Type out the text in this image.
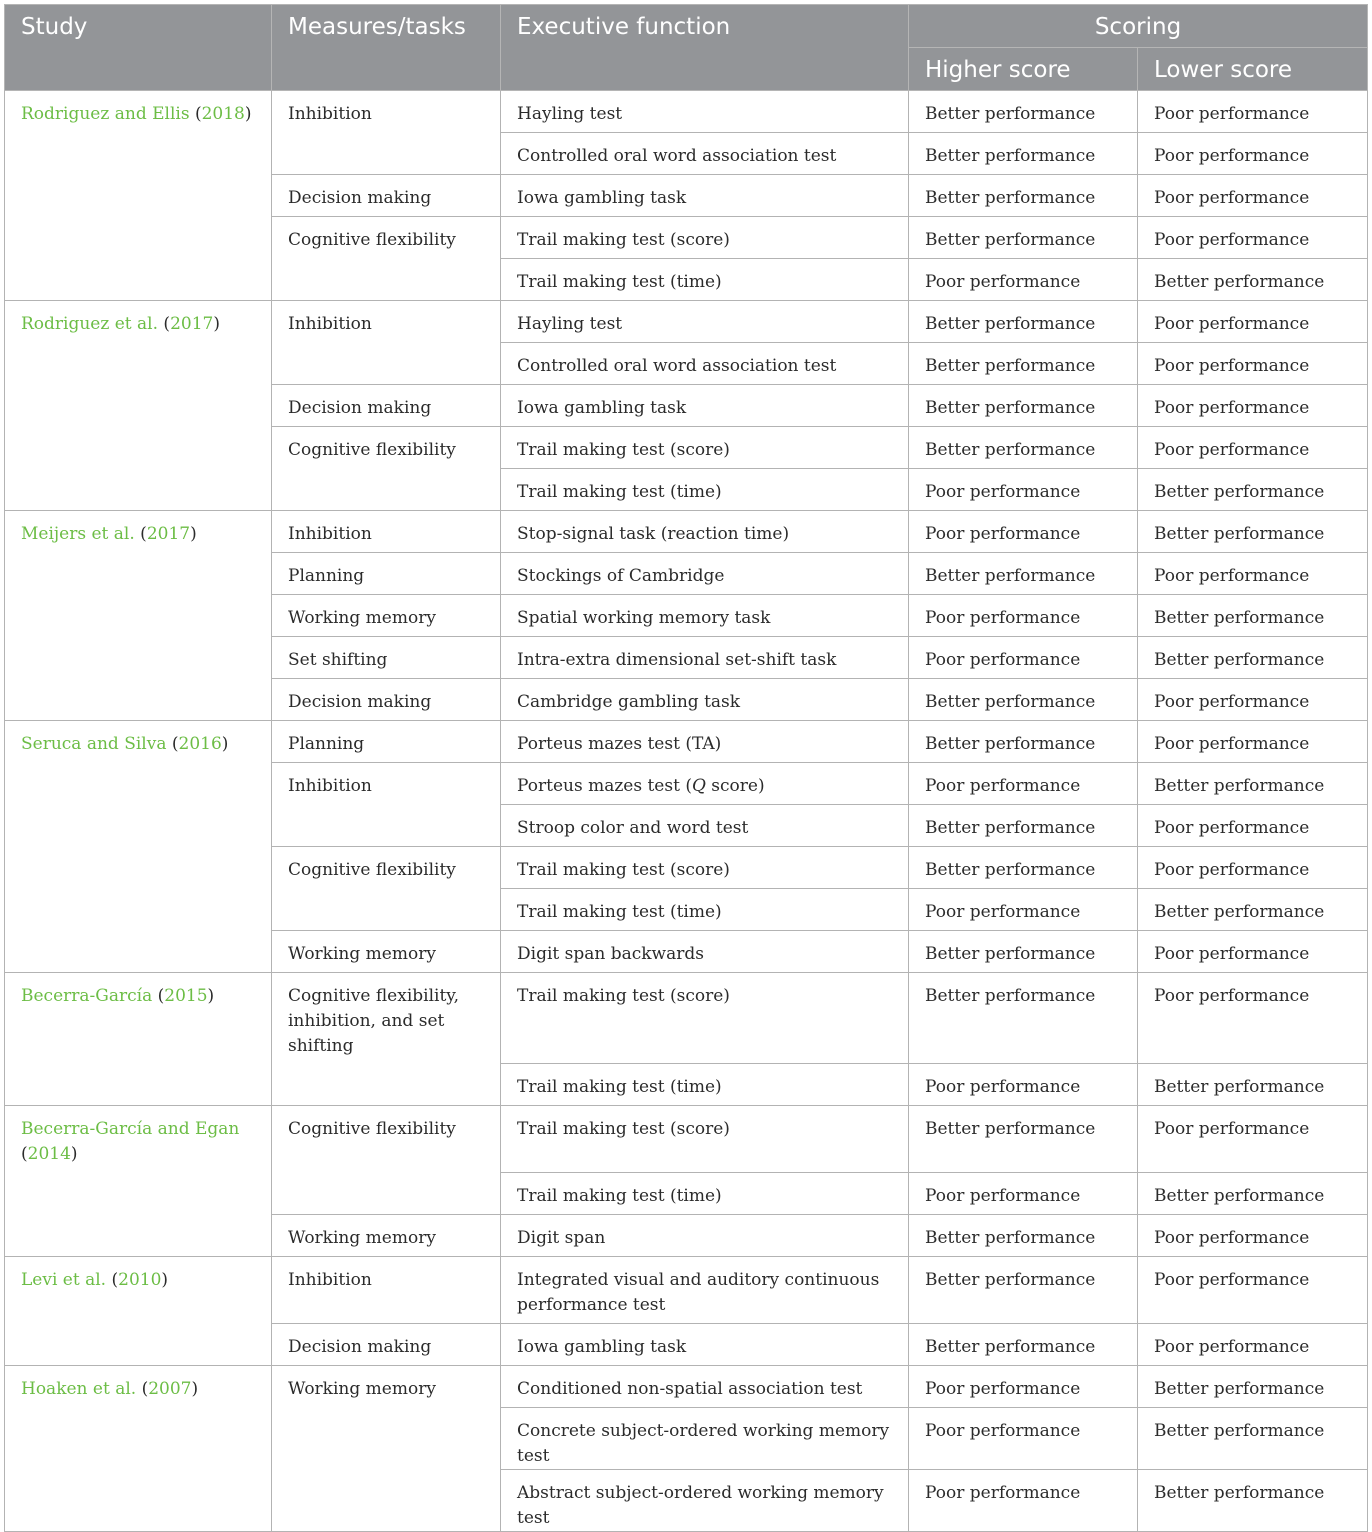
Study	Measures/tasks	Executive function	Scoring	
			Higher score	Lower score
Rodriguez and Ellis (2018)	Inhibition	Hayling test	Better performance	Poor performance
		Controlled oral word association test	Better performance	Poor performance
	Decision making	Iowa gambling task	Better performance	Poor performance
	Cognitive flexibility	Trail making test (score)	Better performance	Poor performance
		Trail making test (time)	Poor performance	Better performance
Rodriguez et al. (2017)	Inhibition	Hayling test	Better performance	Poor performance
		Controlled oral word association test	Better performance	Poor performance
	Decision making	Iowa gambling task	Better performance	Poor performance
	Cognitive flexibility	Trail making test (score)	Better performance	Poor performance
		Trail making test (time)	Poor performance	Better performance
Meijers et al. (2017)	Inhibition	Stop-signal task (reaction time)	Poor performance	Better performance
	Planning	Stockings of Cambridge	Better performance	Poor performance
	Working memory	Spatial working memory task	Poor performance	Better performance
	Set shifting	Intra-extra dimensional set-shift task	Poor performance	Better performance
	Decision making	Cambridge gambling task	Better performance	Poor performance
Seruca and Silva (2016)	Planning	Porteus mazes test (TA)	Better performance	Poor performance
	Inhibition	Porteus mazes test (Q score)	Poor performance	Better performance
		Stroop color and word test	Better performance	Poor performance
	Cognitive flexibility	Trail making test (score)	Better performance	Poor performance
		Trail making test (time)	Poor performance	Better performance
	Working memory	Digit span backwards	Better performance	Poor performance
Becerra-García (2015)	Cognitive flexibility, inhibition, and set shifting	Trail making test (score)	Better performance	Poor performance
		Trail making test (time)	Poor performance	Better performance
Becerra-García and Egan (2014)	Cognitive flexibility	Trail making test (score)	Better performance	Poor performance
		Trail making test (time)	Poor performance	Better performance
	Working memory	Digit span	Better performance	Poor performance
Levi et al. (2010)	Inhibition	Integrated visual and auditory continuous performance test	Better performance	Poor performance
	Decision making	Iowa gambling task	Better performance	Poor performance
Hoaken et al. (2007)	Working memory	Conditioned non-spatial association test	Poor performance	Better performance
		Concrete subject-ordered working memory test	Poor performance	Better performance
		Abstract subject-ordered working memory test	Poor performance	Better performance
